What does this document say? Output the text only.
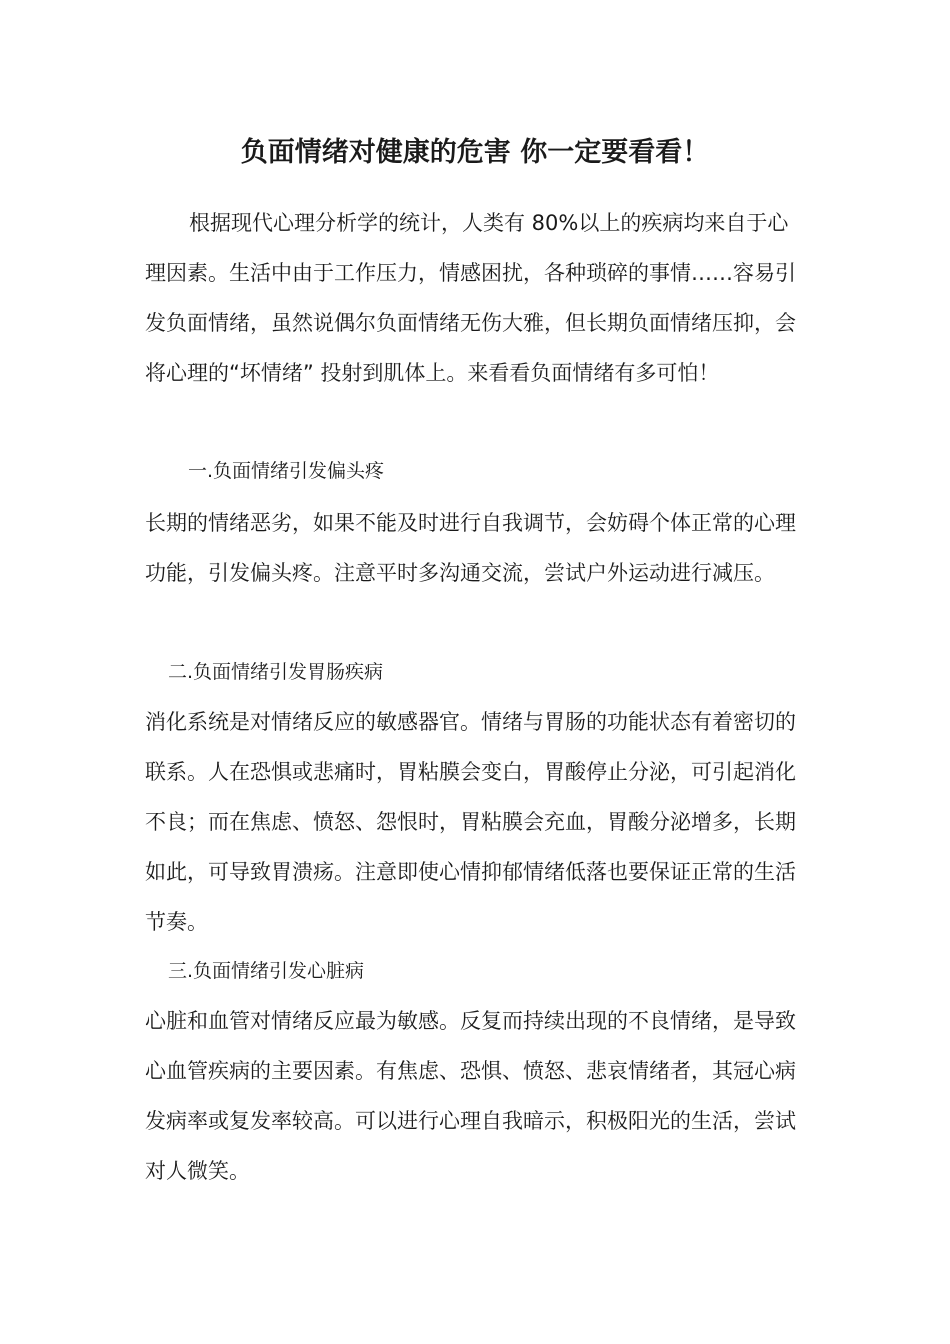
负面情绪对健康的危害 你一定要看看！

根据现代心理分析学的统计，人类有 80%以上的疾病均来自于心理因素。生活中由于工作压力，情感困扰，各种琐碎的事情……容易引发负面情绪，虽然说偶尔负面情绪无伤大雅，但长期负面情绪压抑，会将心理的“坏情绪” 投射到肌体上。来看看负面情绪有多可怕！

一.负面情绪引发偏头疼

长期的情绪恶劣，如果不能及时进行自我调节，会妨碍个体正常的心理功能，引发偏头疼。注意平时多沟通交流，尝试户外运动进行减压。

二.负面情绪引发胃肠疾病

消化系统是对情绪反应的敏感器官。情绪与胃肠的功能状态有着密切的联系。人在恐惧或悲痛时，胃粘膜会变白，胃酸停止分泌，可引起消化不良；而在焦虑、愤怒、怨恨时，胃粘膜会充血，胃酸分泌增多，长期如此，可导致胃溃疡。注意即使心情抑郁情绪低落也要保证正常的生活节奏。

三.负面情绪引发心脏病

心脏和血管对情绪反应最为敏感。反复而持续出现的不良情绪，是导致心血管疾病的主要因素。有焦虑、恐惧、愤怒、悲哀情绪者，其冠心病发病率或复发率较高。可以进行心理自我暗示，积极阳光的生活，尝试对人微笑。
